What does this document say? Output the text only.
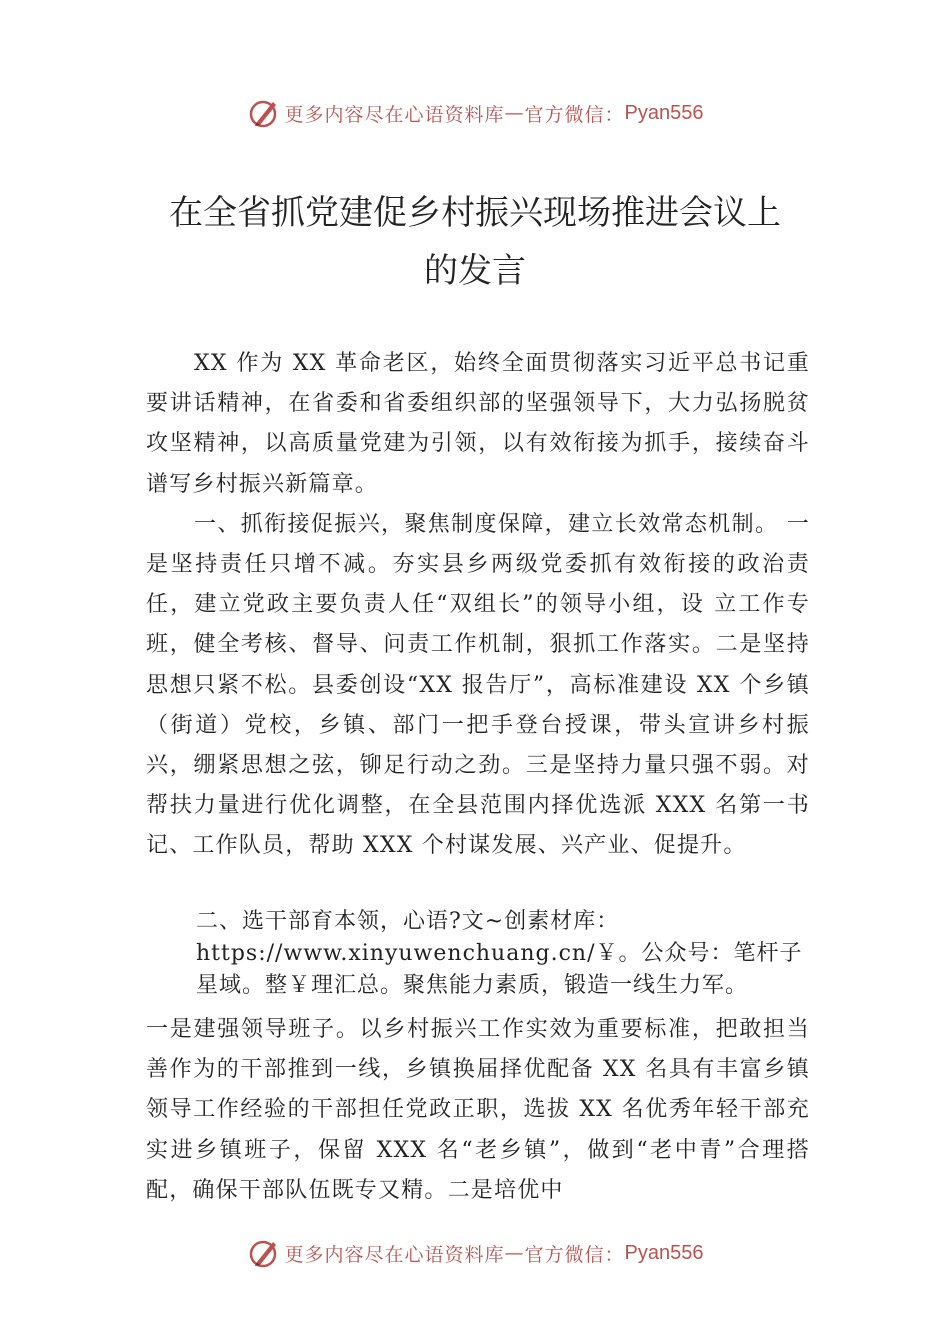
更多内容尽在心语资料库 — 官方微信： Pyan556
在全省抓党建促乡村振兴现场推进会议上
的发言

XX 作为 XX 革命老区，始终全面贯彻落实习近平总书记重要讲话精神，在省委和省委组织部的坚强领导下，大力弘扬脱贫攻坚精神，以高质量党建为引领，以有效衔接为抓手，接续奋斗谱写乡村振兴新篇章。

一、抓衔接促振兴，聚焦制度保障，建立长效常态机制。 一是坚持责任只增不减。夯实县乡两级党委抓有效衔接的政治责任，建立党政主要负责人任“双组长”的领导小组，设 立工作专班，健全考核、督导、问责工作机制，狠抓工作落实。二是坚持思想只紧不松。县委创设“XX 报告厅”，高标准建设 XX 个乡镇（街道）党校，乡镇、部门一把手登台授课，带头宣讲乡村振兴，绷紧思想之弦，铆足行动之劲。三是坚持力量只强不弱。对帮扶力量进行优化调整，在全县范围内择优选派 XXX 名第一书记、工作队员，帮助 XXX 个村谋发展、兴产业、促提升。

二、选干部育本领，心语?文~创素材库：https://www.xinyuwenchuang.cn/￥。公众号：笔杆子星域。整￥理汇总。聚焦能力素质，锻造一线生力军。

一是建强领导班子。以乡村振兴工作实效为重要标准，把敢担当善作为的干部推到一线，乡镇换届择优配备 XX 名具有丰富乡镇领导工作经验的干部担任党政正职，选拔 XX 名优秀年轻干部充实进乡镇班子，保留 XXX 名“老乡镇”，做到“老中青”合理搭配，确保干部队伍既专又精。二是培优中

更多内容尽在心语资料库 — 官方微信： Pyan556
